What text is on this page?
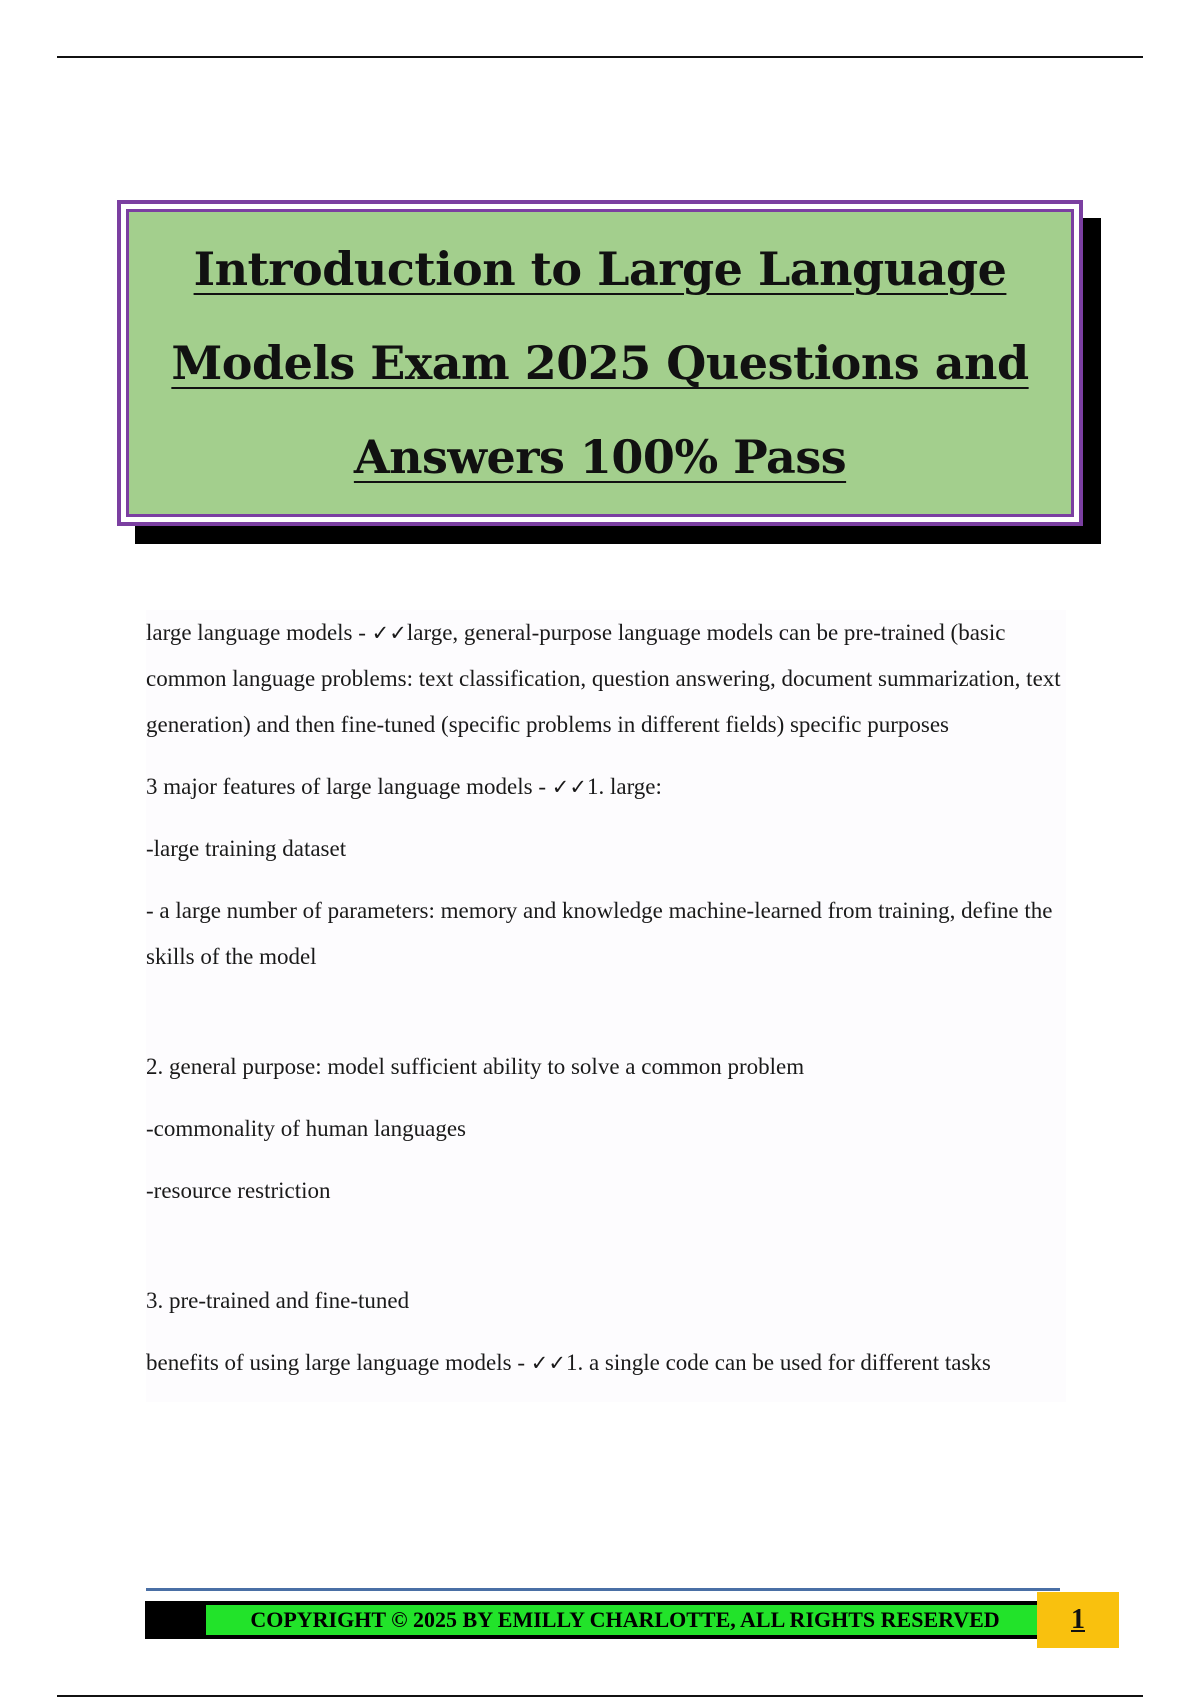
Introduction to Large Language Models Exam 2025 Questions and Answers 100% Pass

large language models - ✓✓large, general-purpose language models can be pre-trained (basic common language problems: text classification, question answering, document summarization, text generation) and then fine-tuned (specific problems in different fields) specific purposes

3 major features of large language models - ✓✓1. large:

-large training dataset

- a large number of parameters: memory and knowledge machine-learned from training, define the skills of the model

2. general purpose: model sufficient ability to solve a common problem

-commonality of human languages

-resource restriction

3. pre-trained and fine-tuned

benefits of using large language models - ✓✓1. a single code can be used for different tasks

COPYRIGHT © 2025 BY EMILLY CHARLOTTE, ALL RIGHTS RESERVED	1
